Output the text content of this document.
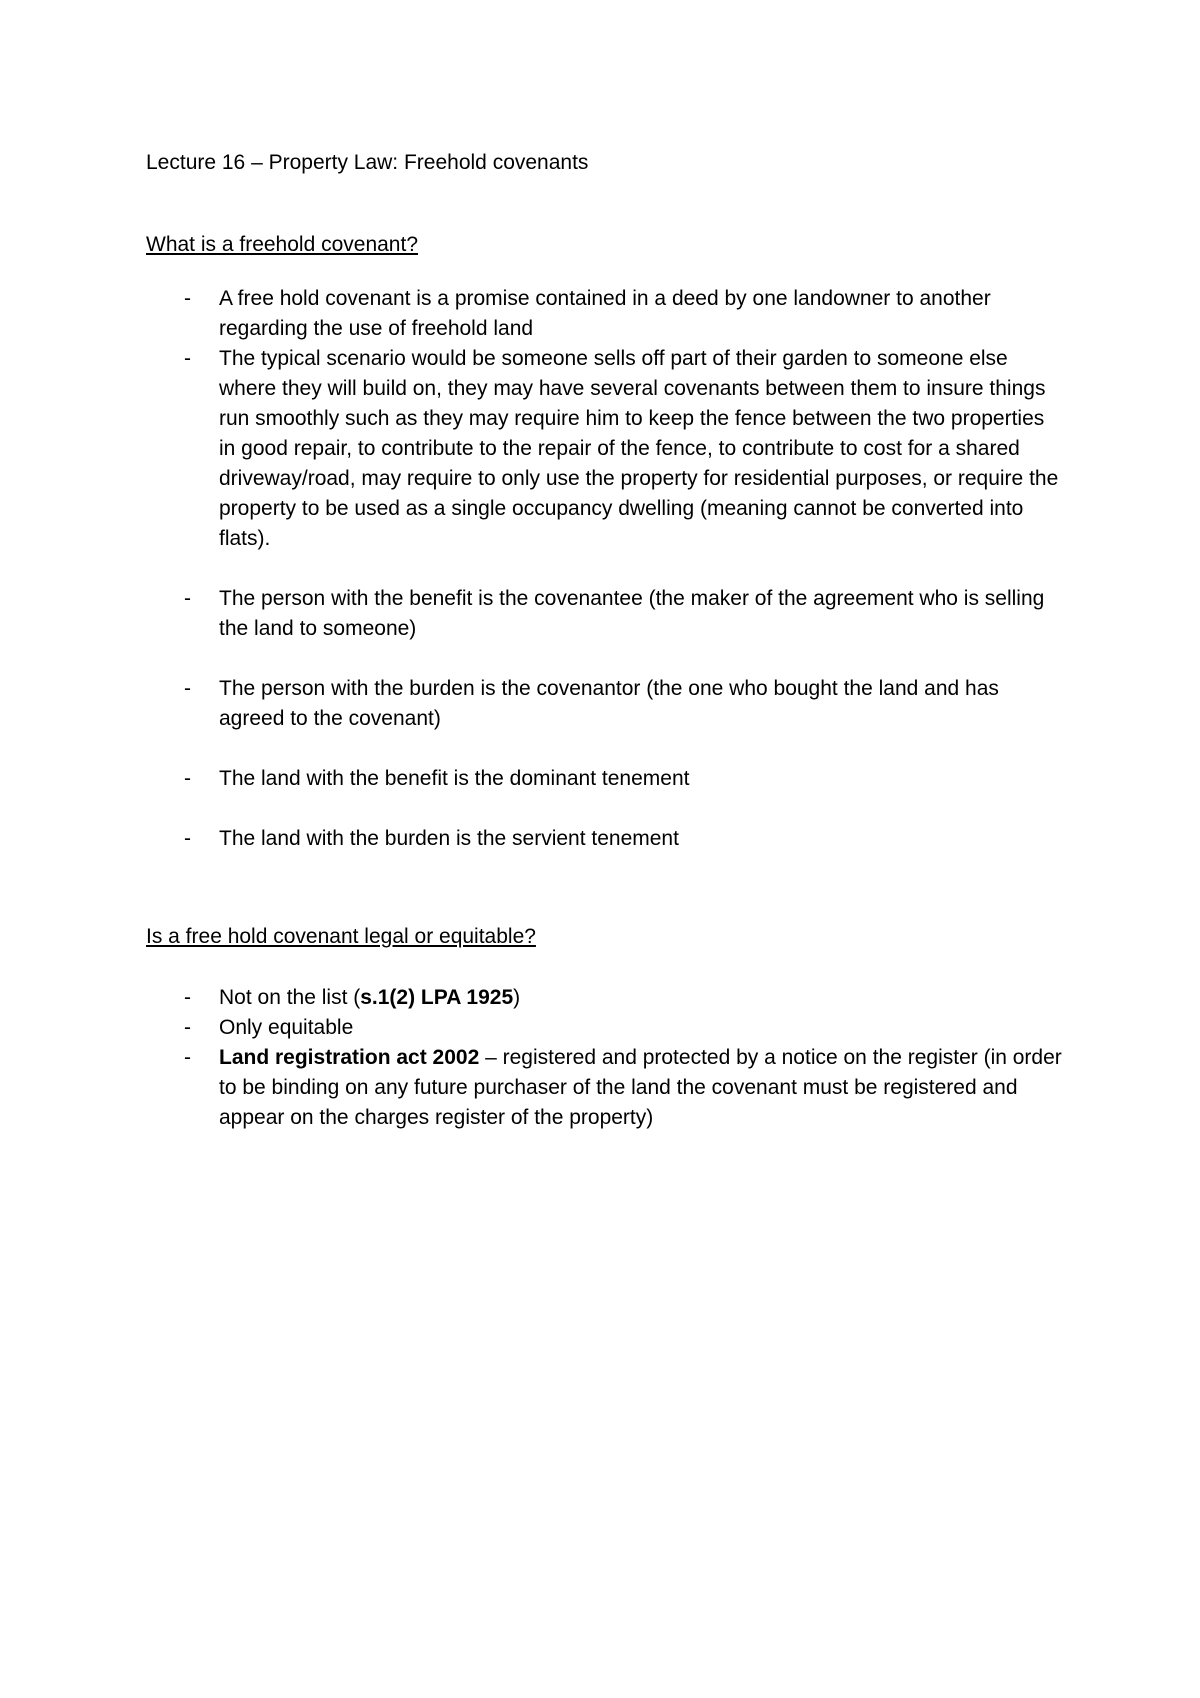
Lecture 16 – Property Law: Freehold covenants
What is a freehold covenant?
- A free hold covenant is a promise contained in a deed by one landowner to another regarding the use of freehold land
- The typical scenario would be someone sells off part of their garden to someone else where they will build on, they may have several covenants between them to insure things run smoothly such as they may require him to keep the fence between the two properties in good repair, to contribute to the repair of the fence, to contribute to cost for a shared driveway/road, may require to only use the property for residential purposes, or require the property to be used as a single occupancy dwelling (meaning cannot be converted into flats).
- The person with the benefit is the covenantee (the maker of the agreement who is selling the land to someone)
- The person with the burden is the covenantor (the one who bought the land and has agreed to the covenant)
- The land with the benefit is the dominant tenement
- The land with the burden is the servient tenement
Is a free hold covenant legal or equitable?
- Not on the list (s.1(2) LPA 1925)
- Only equitable
- Land registration act 2002 – registered and protected by a notice on the register (in order to be binding on any future purchaser of the land the covenant must be registered and appear on the charges register of the property)
